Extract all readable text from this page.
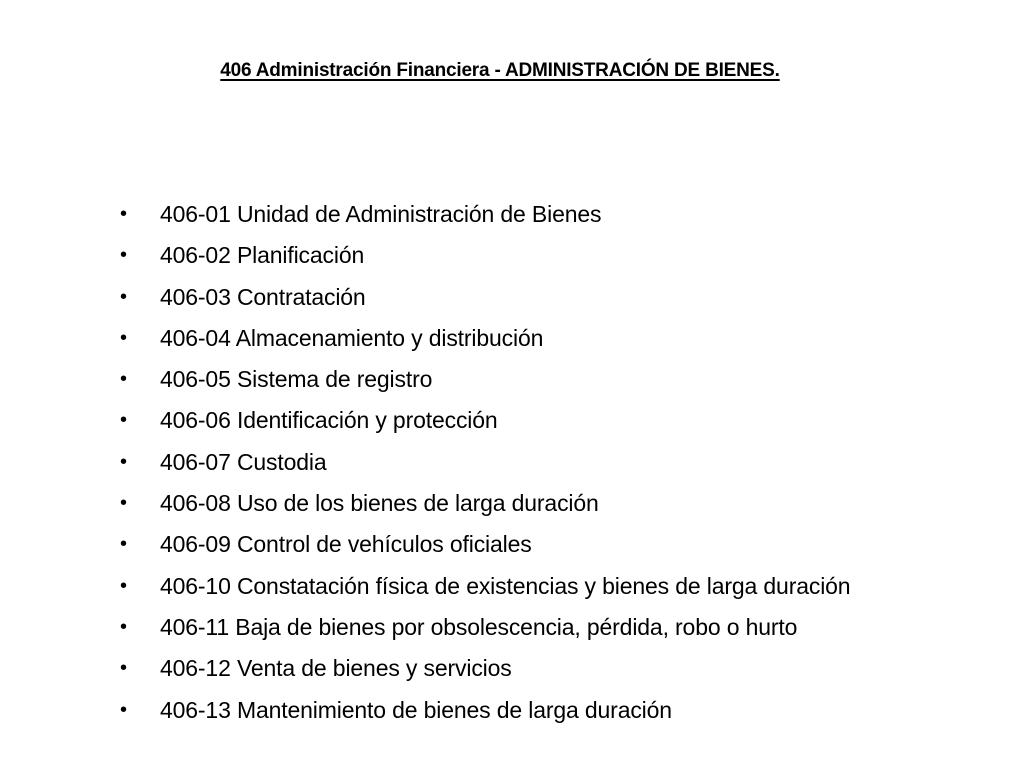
406 Administración Financiera - ADMINISTRACIÓN DE BIENES.
•	406-01 Unidad de Administración de Bienes
•	406-02 Planificación
•	406-03 Contratación
•	406-04 Almacenamiento y distribución
•	406-05 Sistema de registro
•	406-06 Identificación y protección
•	406-07 Custodia
•	406-08 Uso de los bienes de larga duración
•	406-09 Control de vehículos oficiales
•	406-10 Constatación física de existencias y bienes de larga duración
•	406-11 Baja de bienes por obsolescencia, pérdida, robo o hurto
•	406-12 Venta de bienes y servicios
•	406-13 Mantenimiento de bienes de larga duración
